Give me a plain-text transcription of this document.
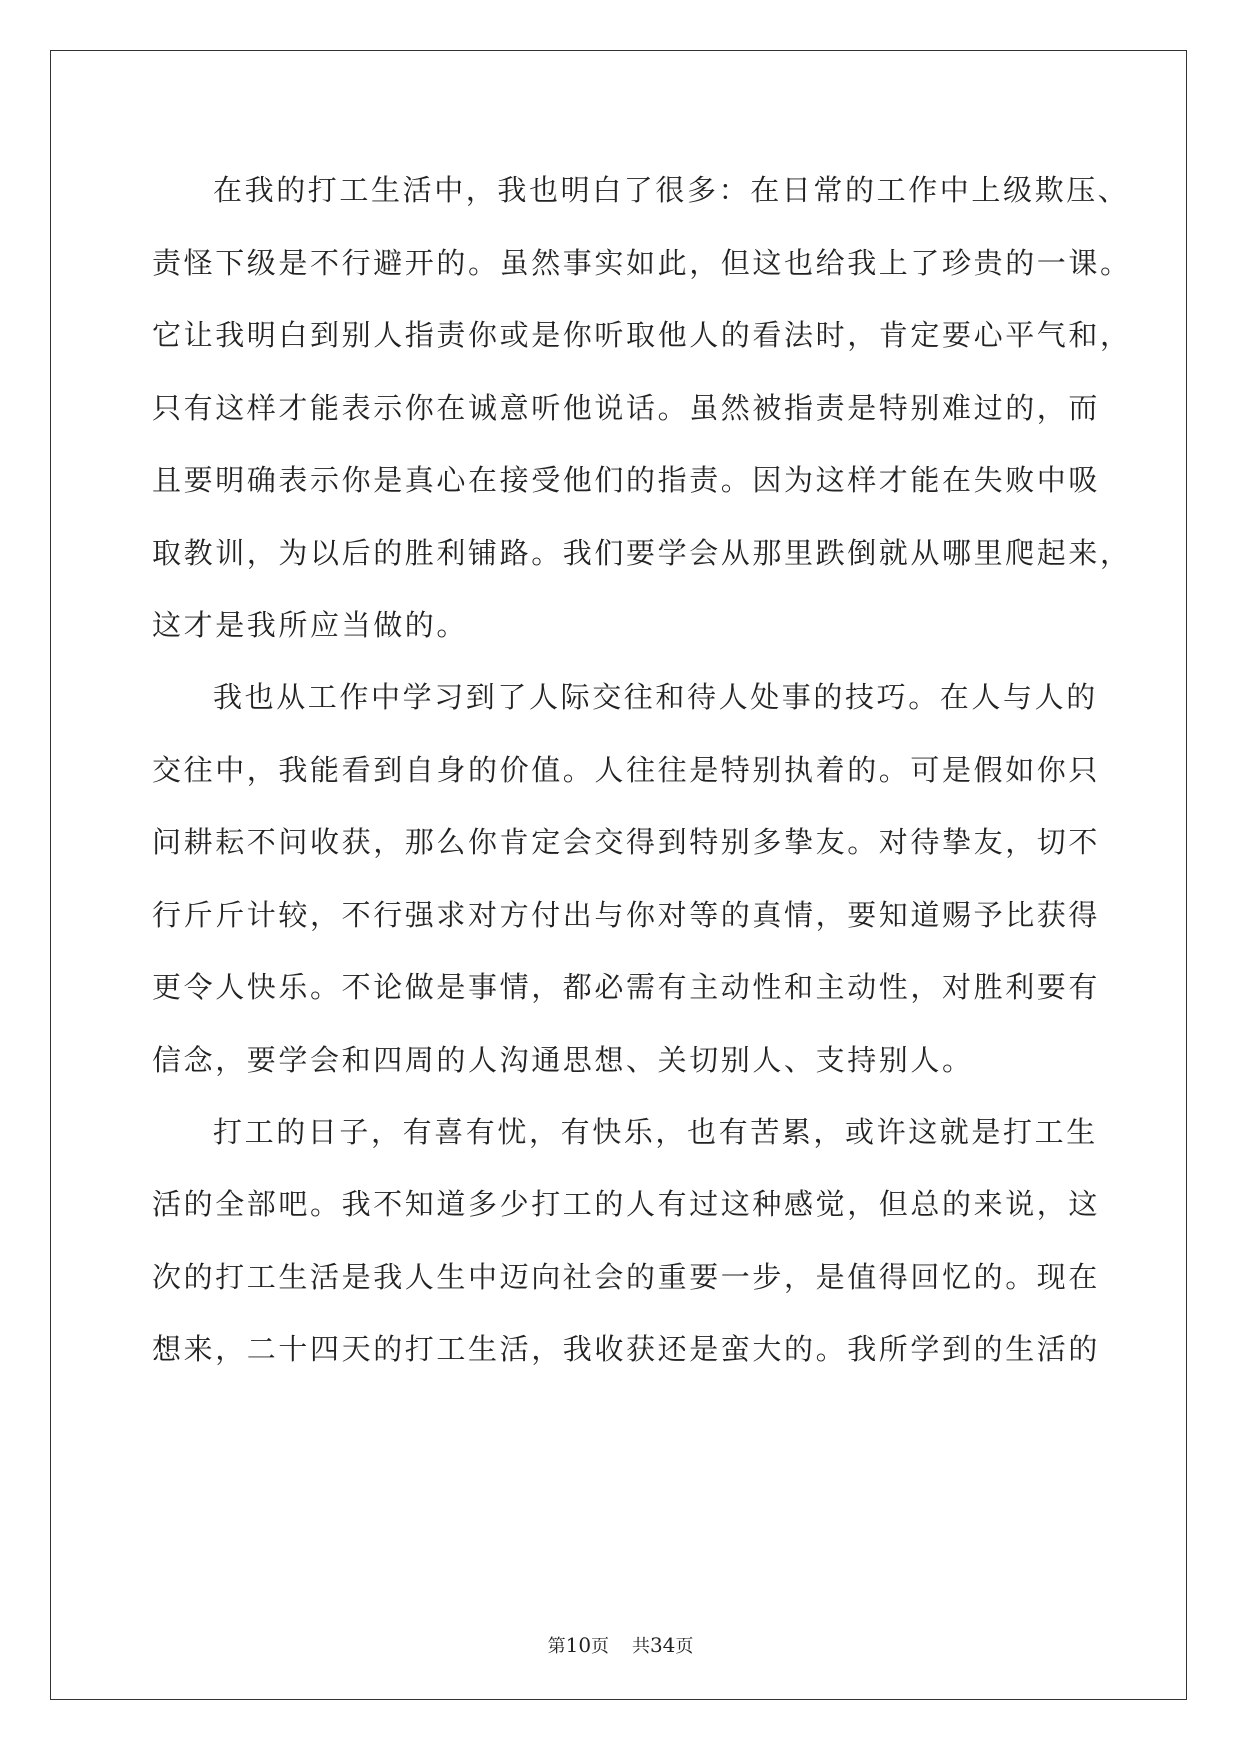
在我的打工生活中，我也明白了很多：在日常的工作中上级欺压、
责怪下级是不行避开的。虽然事实如此，但这也给我上了珍贵的一课。
它让我明白到别人指责你或是你听取他人的看法时，肯定要心平气和，
只有这样才能表示你在诚意听他说话。虽然被指责是特别难过的，而
且要明确表示你是真心在接受他们的指责。因为这样才能在失败中吸
取教训，为以后的胜利铺路。我们要学会从那里跌倒就从哪里爬起来，
这才是我所应当做的。
我也从工作中学习到了人际交往和待人处事的技巧。在人与人的
交往中，我能看到自身的价值。人往往是特别执着的。可是假如你只
问耕耘不问收获，那么你肯定会交得到特别多挚友。对待挚友，切不
行斤斤计较，不行强求对方付出与你对等的真情，要知道赐予比获得
更令人快乐。不论做是事情，都必需有主动性和主动性，对胜利要有
信念，要学会和四周的人沟通思想、关切别人、支持别人。
打工的日子，有喜有忧，有快乐，也有苦累，或许这就是打工生
活的全部吧。我不知道多少打工的人有过这种感觉，但总的来说，这
次的打工生活是我人生中迈向社会的重要一步，是值得回忆的。现在
想来，二十四天的打工生活，我收获还是蛮大的。我所学到的生活的
第10页 共34页
